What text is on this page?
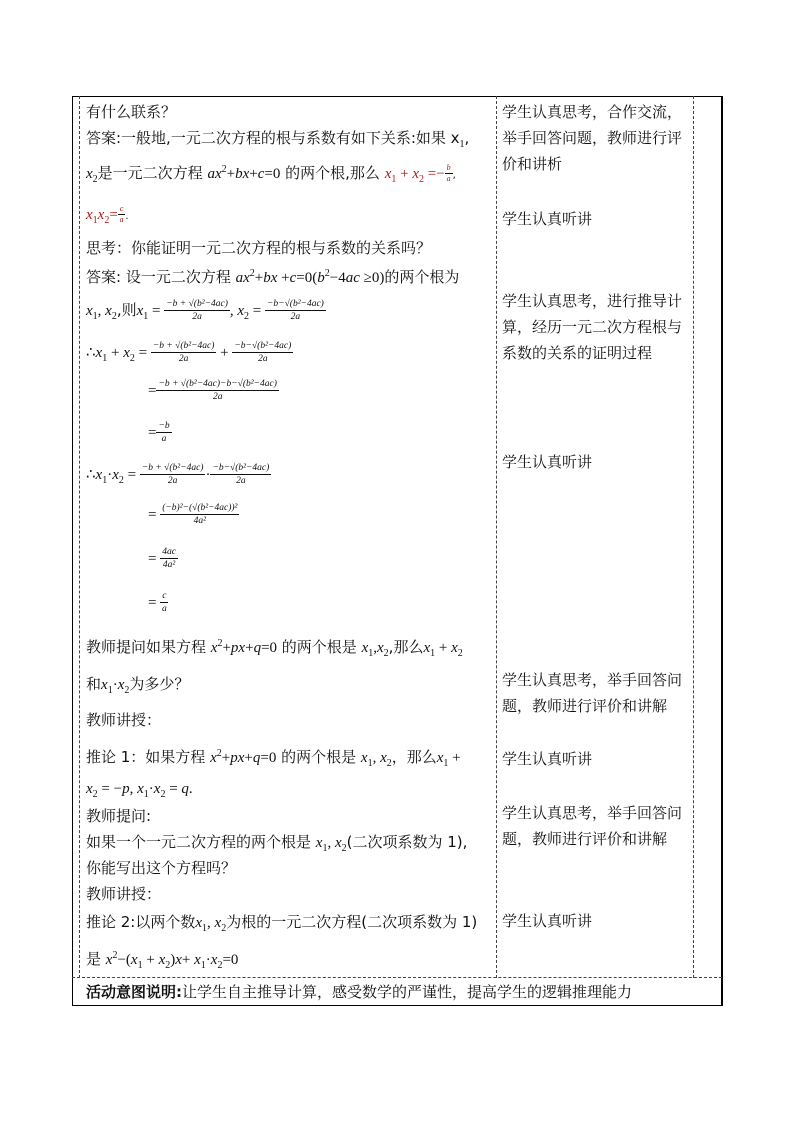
有什么联系？
答案:一般地,一元二次方程的根与系数有如下关系:如果 $x_1$,
$x_2$是一元二次方程 $ax^2+bx+c=0$ 的两个根,那么 $x_1 + x_2 =- \frac{b}{a}$ ,
$x_1x_2= \frac{c}{a}$ .
思考：你能证明一元二次方程的根与系数的关系吗？
答案: 设一元二次方程 $ax^2+bx +c=0(b^2-4ac \ge 0)$的两个根为
$x_1$, $x_2$,则$x_1 = \frac{\text{−b + √(b²−4ac)}}{2a}$ , $x_2 = \frac{\text{−b−√(b²−4ac)}}{2a}$
$\therefore x_1 + x_2 = \frac{\text{−b + √(b²−4ac)}}{2a} + \frac{\text{−b−√(b²−4ac)}}{2a}$
= $\frac{\text{−b + √(b²−4ac)−b−√(b²−4ac)}}{2a}$
= $\frac{-b}{a}$
$\therefore x_1\cdot x_2 = \frac{\text{−b + √(b²−4ac)}}{2a} \cdot \frac{\text{−b−√(b²−4ac)}}{2a}$
= $\frac{\text{(−b)²−(√(b²−4ac))²}}{\text{4a²}}$
= $\frac{4ac}{\text{4a²}}$
= $\frac{c}{a}$
教师提问如果方程 $x^2+px+q=0$ 的两个根是 $x_1,x_2$,那么$x_1 + x_2$
和$x_1\cdot x_2$为多少？
教师讲授：
推论 1：如果方程 $x^2+px+q=0$ 的两个根是 $x_1$, $x_2$，那么$x_1$ +
$x_2 = -p$, $x_1\cdot x_2 = q$.
教师提问:
如果一个一元二次方程的两个根是 $x_1$, $x_2$(二次项系数为 1),
你能写出这个方程吗？
教师讲授：
推论 2:以两个数$x_1$, $x_2$为根的一元二次方程(二次项系数为 1)
是 $x^2-(x_1 + x_2)x+ x_1\cdot x_2=0$
学生认真思考，合作交流，举手回答问题，教师进行评价和讲析
学生认真听讲
学生认真思考，进行推导计算，经历一元二次方程根与系数的关系的证明过程
学生认真听讲
学生认真思考，举手回答问题，教师进行评价和讲解
学生认真听讲
学生认真思考，举手回答问题，教师进行评价和讲解
学生认真听讲
活动意图说明:让学生自主推导计算，感受数学的严谨性，提高学生的逻辑推理能力
